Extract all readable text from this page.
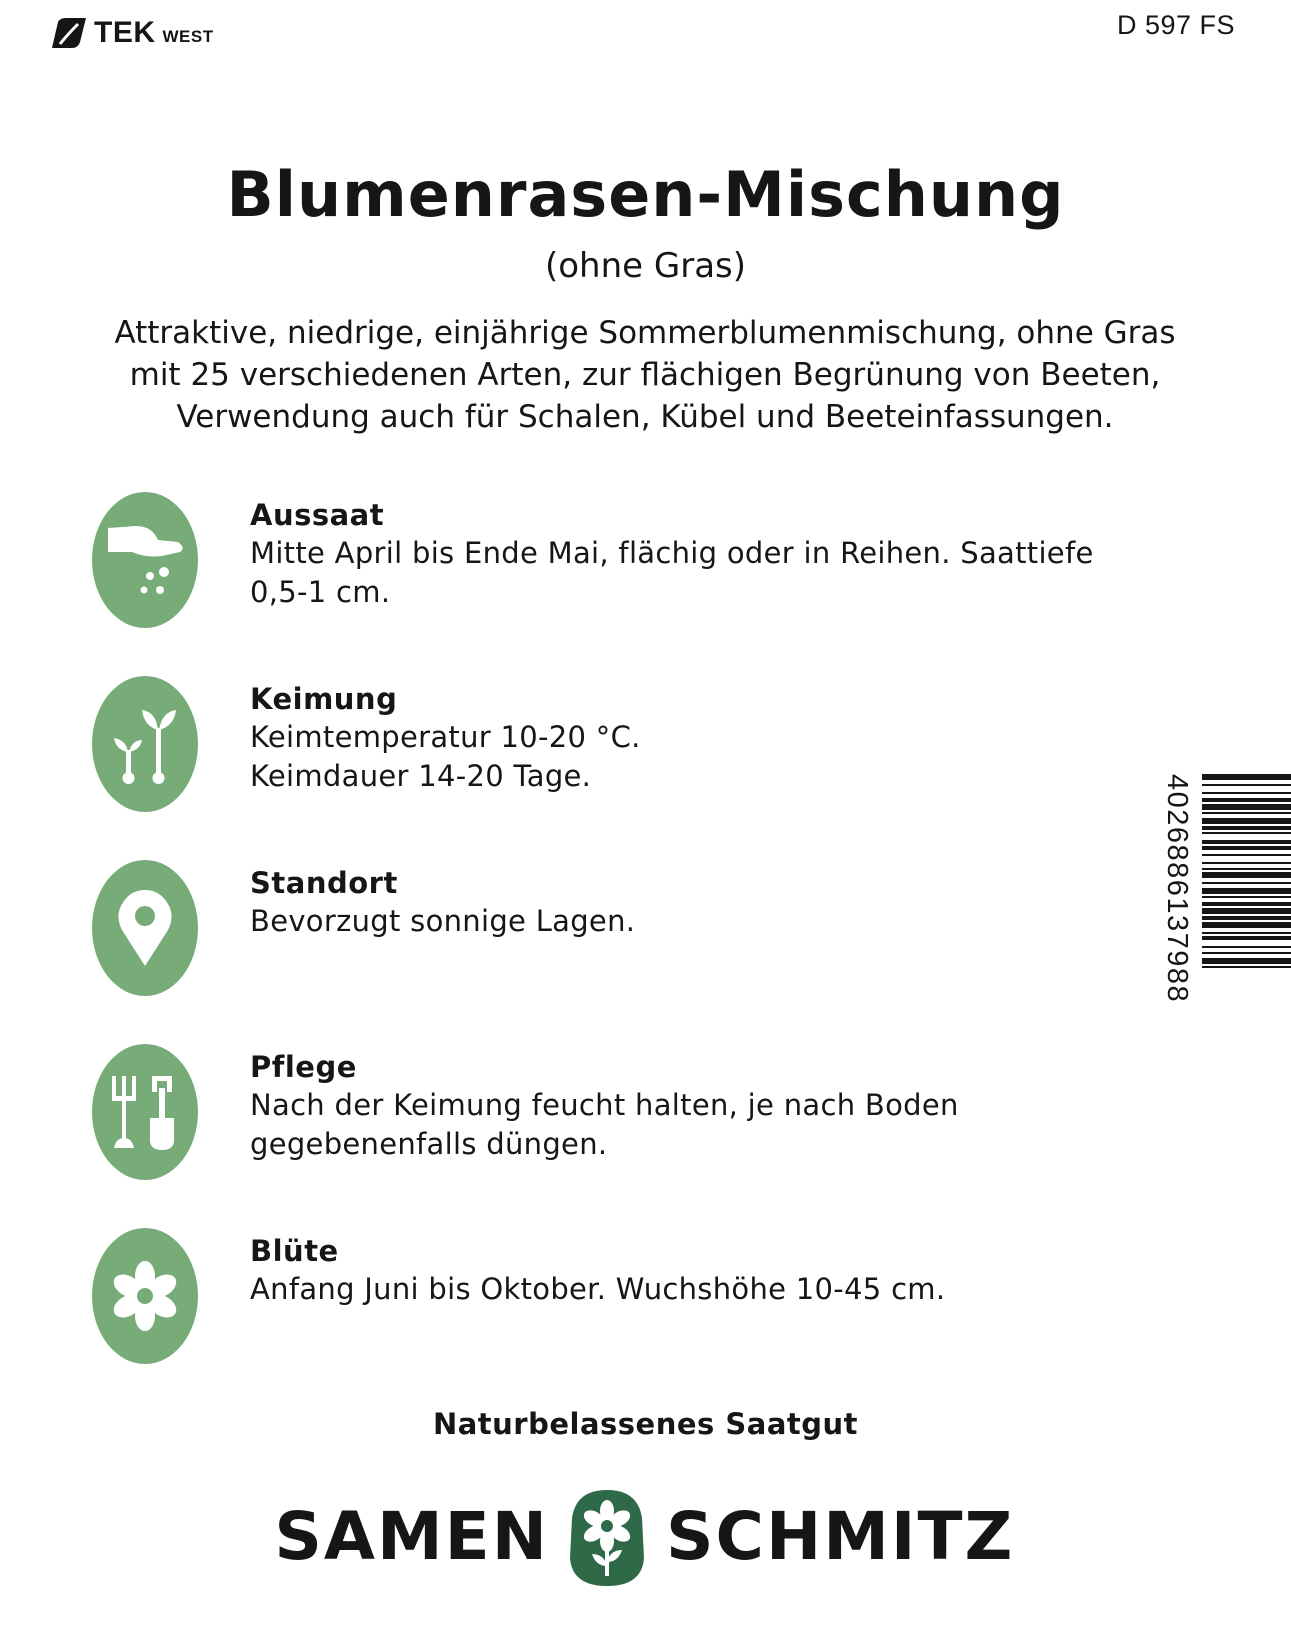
TEK WEST	D 597 FS
Blumenrasen-Mischung
(ohne Gras)
Attraktive, niedrige, einjährige Sommerblumenmischung, ohne Gras
mit 25 verschiedenen Arten, zur flächigen Begrünung von Beeten,
Verwendung auch für Schalen, Kübel und Beeteinfassungen.
Aussaat
Mitte April bis Ende Mai, flächig oder in Reihen. Saattiefe
0,5-1 cm.
Keimung
Keimtemperatur 10-20 °C.
Keimdauer 14-20 Tage.
Standort
Bevorzugt sonnige Lagen.
Pflege
Nach der Keimung feucht halten, je nach Boden
gegebenenfalls düngen.
Blüte
Anfang Juni bis Oktober. Wuchshöhe 10-45 cm.
4026886137988
Naturbelassenes Saatgut
SAMEN SCHMITZ
